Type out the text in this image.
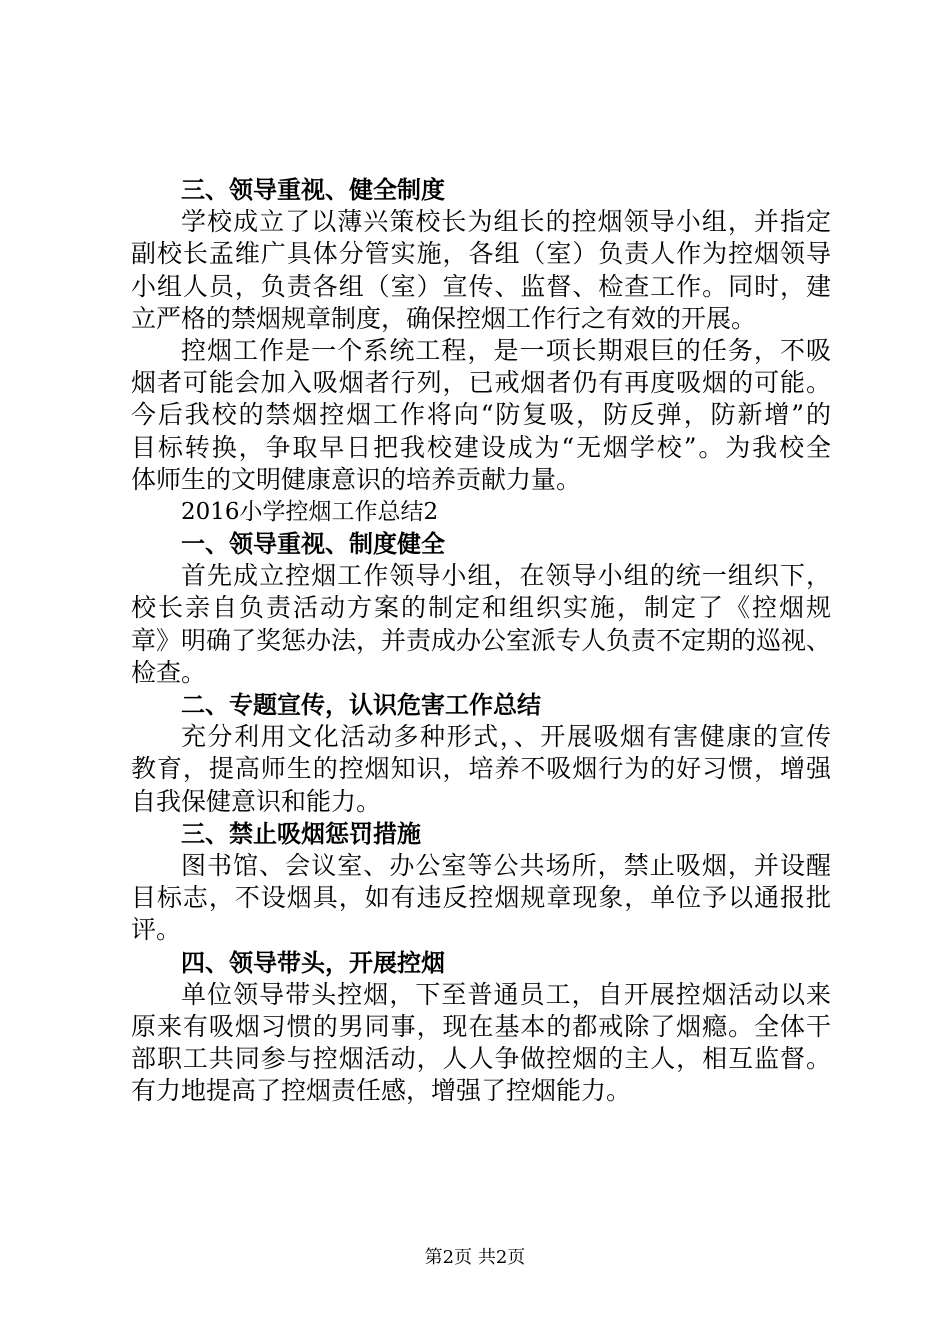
三、领导重视、健全制度
学校成立了以薄兴策校长为组长的控烟领导小组，并指定
副校长孟维广具体分管实施，各组（室）负责人作为控烟领导
小组人员，负责各组（室）宣传、监督、检查工作。同时，建
立严格的禁烟规章制度，确保控烟工作行之有效的开展。
控烟工作是一个系统工程，是一项长期艰巨的任务，不吸
烟者可能会加入吸烟者行列，已戒烟者仍有再度吸烟的可能。
今后我校的禁烟控烟工作将向“防复吸，防反弹，防新增”的
目标转换，争取早日把我校建设成为“无烟学校”。为我校全
体师生的文明健康意识的培养贡献力量。
2016小学控烟工作总结2
一、领导重视、制度健全
首先成立控烟工作领导小组，在领导小组的统一组织下，
校长亲自负责活动方案的制定和组织实施，制定了《控烟规
章》明确了奖惩办法，并责成办公室派专人负责不定期的巡视、
检查。
二、专题宣传，认识危害工作总结
充分利用文化活动多种形式，、开展吸烟有害健康的宣传
教育，提高师生的控烟知识，培养不吸烟行为的好习惯，增强
自我保健意识和能力。
三、禁止吸烟惩罚措施
图书馆、会议室、办公室等公共场所，禁止吸烟，并设醒
目标志，不设烟具，如有违反控烟规章现象，单位予以通报批
评。
四、领导带头，开展控烟
单位领导带头控烟，下至普通员工，自开展控烟活动以来
原来有吸烟习惯的男同事，现在基本的都戒除了烟瘾。全体干
部职工共同参与控烟活动，人人争做控烟的主人，相互监督。
有力地提高了控烟责任感，增强了控烟能力。
第2页 共2页
